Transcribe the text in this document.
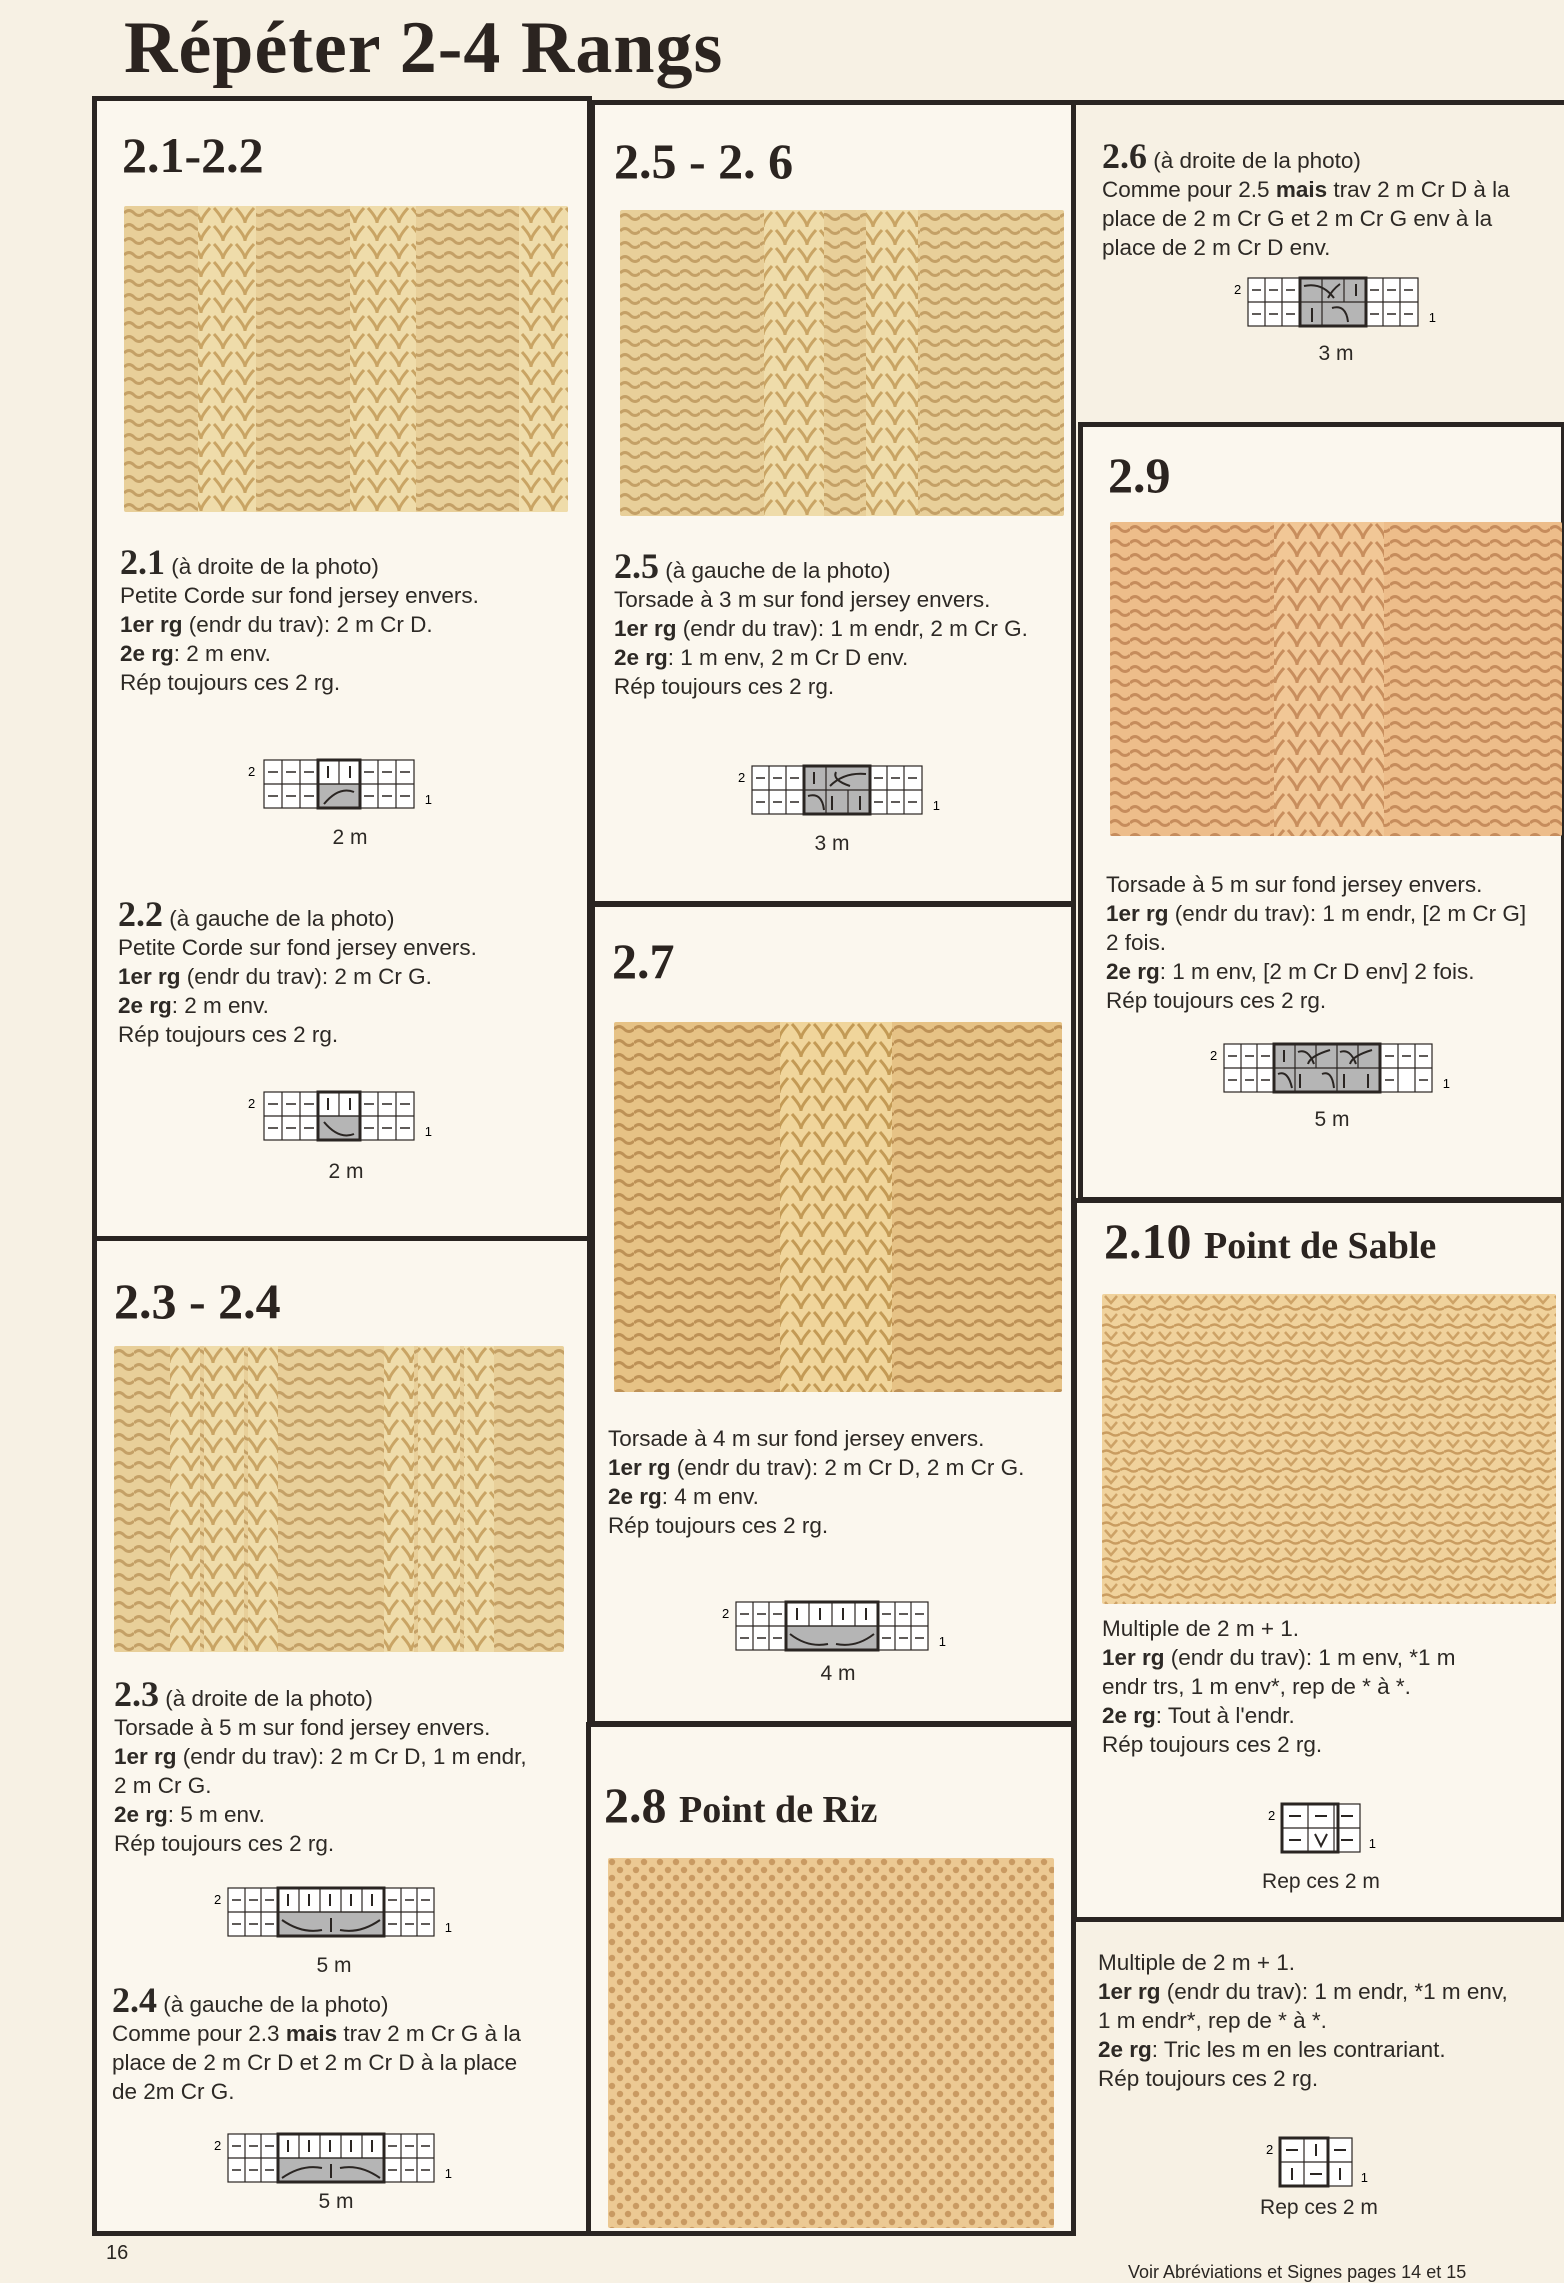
Répéter 2-4 Rangs
2.1-2.2
2.1 (à droite de la photo)
Petite Corde sur fond jersey envers.
1er rg (endr du trav): 2 m Cr D.
2e rg: 2 m env.
Rép toujours ces 2 rg.
2
1
2 m
2.2 (à gauche de la photo)
Petite Corde sur fond jersey envers.
1er rg (endr du trav): 2 m Cr G.
2e rg: 2 m env.
Rép toujours ces 2 rg.
2
1
2 m
2.3 - 2.4
2.3 (à droite de la photo)
Torsade à 5 m sur fond jersey envers.
1er rg (endr du trav): 2 m Cr D, 1 m endr,
2 m Cr G.
2e rg: 5 m env.
Rép toujours ces 2 rg.
2
1
5 m
2.4 (à gauche de la photo)
Comme pour 2.3 mais trav 2 m Cr G à la
place de 2 m Cr D et 2 m Cr D à la place
de 2m Cr G.
2
1
5 m
2.5 - 2. 6
2.5 (à gauche de la photo)
Torsade à 3 m sur fond jersey envers.
1er rg (endr du trav): 1 m endr, 2 m Cr G.
2e rg: 1 m env, 2 m Cr D env.
Rép toujours ces 2 rg.
2
1
3 m
2.6 (à droite de la photo)
Comme pour 2.5 mais trav 2 m Cr D à la
place de 2 m Cr G et 2 m Cr G env à la
place de 2 m Cr D env.
2
1
3 m
2.7
Torsade à 4 m sur fond jersey envers.
1er rg (endr du trav): 2 m Cr D, 2 m Cr G.
2e rg: 4 m env.
Rép toujours ces 2 rg.
2
1
4 m
2.8 Point de Riz
2.9
Torsade à 5 m sur fond jersey envers.
1er rg (endr du trav): 1 m endr, [2 m Cr G]
2 fois.
2e rg: 1 m env, [2 m Cr D env] 2 fois.
Rép toujours ces 2 rg.
2
1
5 m
2.10 Point de Sable
Multiple de 2 m + 1.
1er rg (endr du trav): 1 m env, *1 m
endr trs, 1 m env*, rep de * à *.
2e rg: Tout à l'endr.
Rép toujours ces 2 rg.
2
1
Rep ces 2 m
Multiple de 2 m + 1.
1er rg (endr du trav): 1 m endr, *1 m env,
1 m endr*, rep de * à *.
2e rg: Tric les m en les contrariant.
Rép toujours ces 2 rg.
2
1
Rep ces 2 m
16
Voir Abréviations et Signes pages 14 et 15
